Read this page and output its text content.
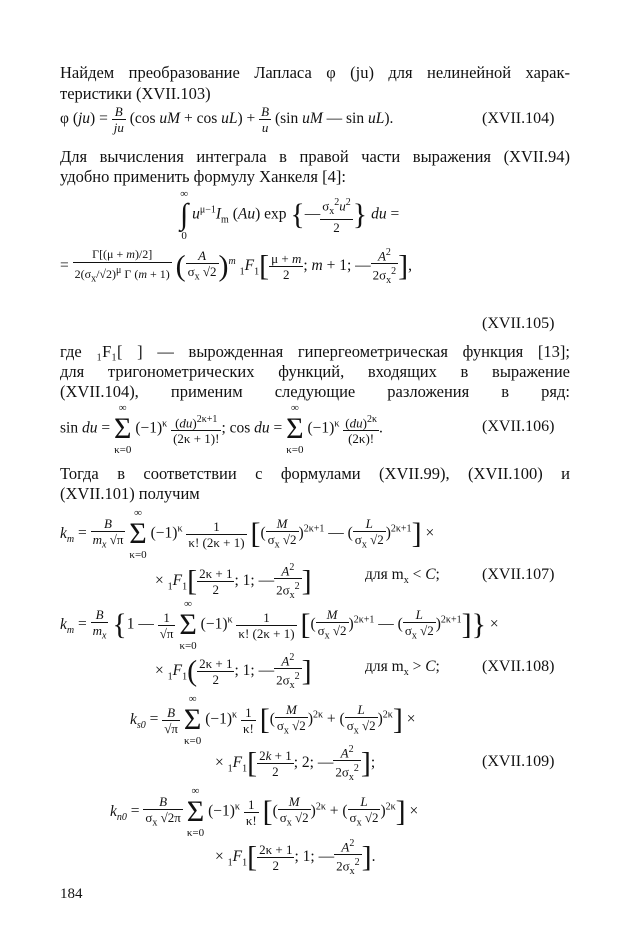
Найдем преобразование Лапласа φ (ju) для нелинейной харак-
теристики (XVII.103)
φ $(ju) = \frac{B}{ju} (\cos$ uM + $\cos uL) + \frac{B}{u} (\sin$ uM — sin uL).	(XVII.104)
Для вычисления интеграла в правой части выражения (XVII.94)
удобно применить формулу Ханкеля [4]:
∞
∫
0 $u^{\mu-1}I_m$ (Au) exp {— $\frac{\sigma_x^2u^2}{2}$ } du =
= $\frac{\Gamma[(\mu + m)/2]}{2(\sigma_x/√2)^\mu \Gamma (m + 1)}$ ( $\frac{A}{\sigma_x √2} )^m$ $_1F_1[ \frac{\mu + m}{2}$ ; m + 1; — $\frac{A^2}{2\sigma_x^2}$ ],
(XVII.105)
где ₁F₁[ ] — вырожденная гипергеометрическая функция [13];
для тригонометрических функций, входящих в выражение
(XVII.104), применим следующие разложения в ряд:
sin du = ∞
Σ
κ=0 $(-1)^\kappa \frac{(du)^{2\kappa+1}}{(2\kappa + 1)!}$ ; cos du = ∞
Σ
κ=0 $(-1)^\kappa \frac{(du)^{2\kappa}}{(2\kappa)!}$ .	(XVII.106)
Тогда в соответствии с формулами (XVII.99), (XVII.100) и
(XVII.101) получим
$k_m = \frac{B}{m_x √\pi}$
∞
Σ
κ=0 $(-1)^\kappa \frac{1}{\kappa! (2\kappa + 1)}$ [( $\frac{M}{\sigma_x √2} )^{2\kappa+1}$ — ( $\frac{L}{\sigma_x √2} )^{2\kappa+1}$] ×
× $_1F_1[ \frac{2\kappa + 1}{2}$ ; 1; — $\frac{A^2}{2\sigma_x^2}$ ]	для $m_x < C$;	(XVII.107)
$k_m = \frac{B}{m_x} \{1$ — $\frac{1}{√\pi}$
∞
Σ
κ=0 $(-1)^\kappa \frac{1}{\kappa! (2\kappa + 1)}$ [( $\frac{M}{\sigma_x √2} )^{2\kappa+1}$ — ( $\frac{L}{\sigma_x √2} )^{2\kappa+1}$]} ×
× $_1F_1( \frac{2\kappa + 1}{2}$ ; 1; — $\frac{A^2}{2\sigma_x^2}$ ]	для $m_x > C$;	(XVII.108)
$k_{s0} = \frac{B}{√\pi}$
∞
Σ
κ=0 $(-1)^\kappa \frac{1}{\kappa!}$ [( $\frac{M}{\sigma_x √2} )^{2\kappa}$ + ( $\frac{L}{\sigma_x √2} )^{2\kappa}$] ×
× $_1F_1[ \frac{2k + 1}{2}$ ; 2; — $\frac{A^2}{2\sigma_x^2}$ ];	(XVII.109)
$k_{n0} = \frac{B}{\sigma_x √2\pi}$
∞
Σ
κ=0 $(-1)^\kappa \frac{1}{\kappa!}$ [( $\frac{M}{\sigma_x √2} )^{2\kappa}$ + ( $\frac{L}{\sigma_x √2} )^{2\kappa}$] ×
× $_1F_1[ \frac{2\kappa + 1}{2}$ ; 1; — $\frac{A^2}{2\sigma_x^2}$ ].
184
